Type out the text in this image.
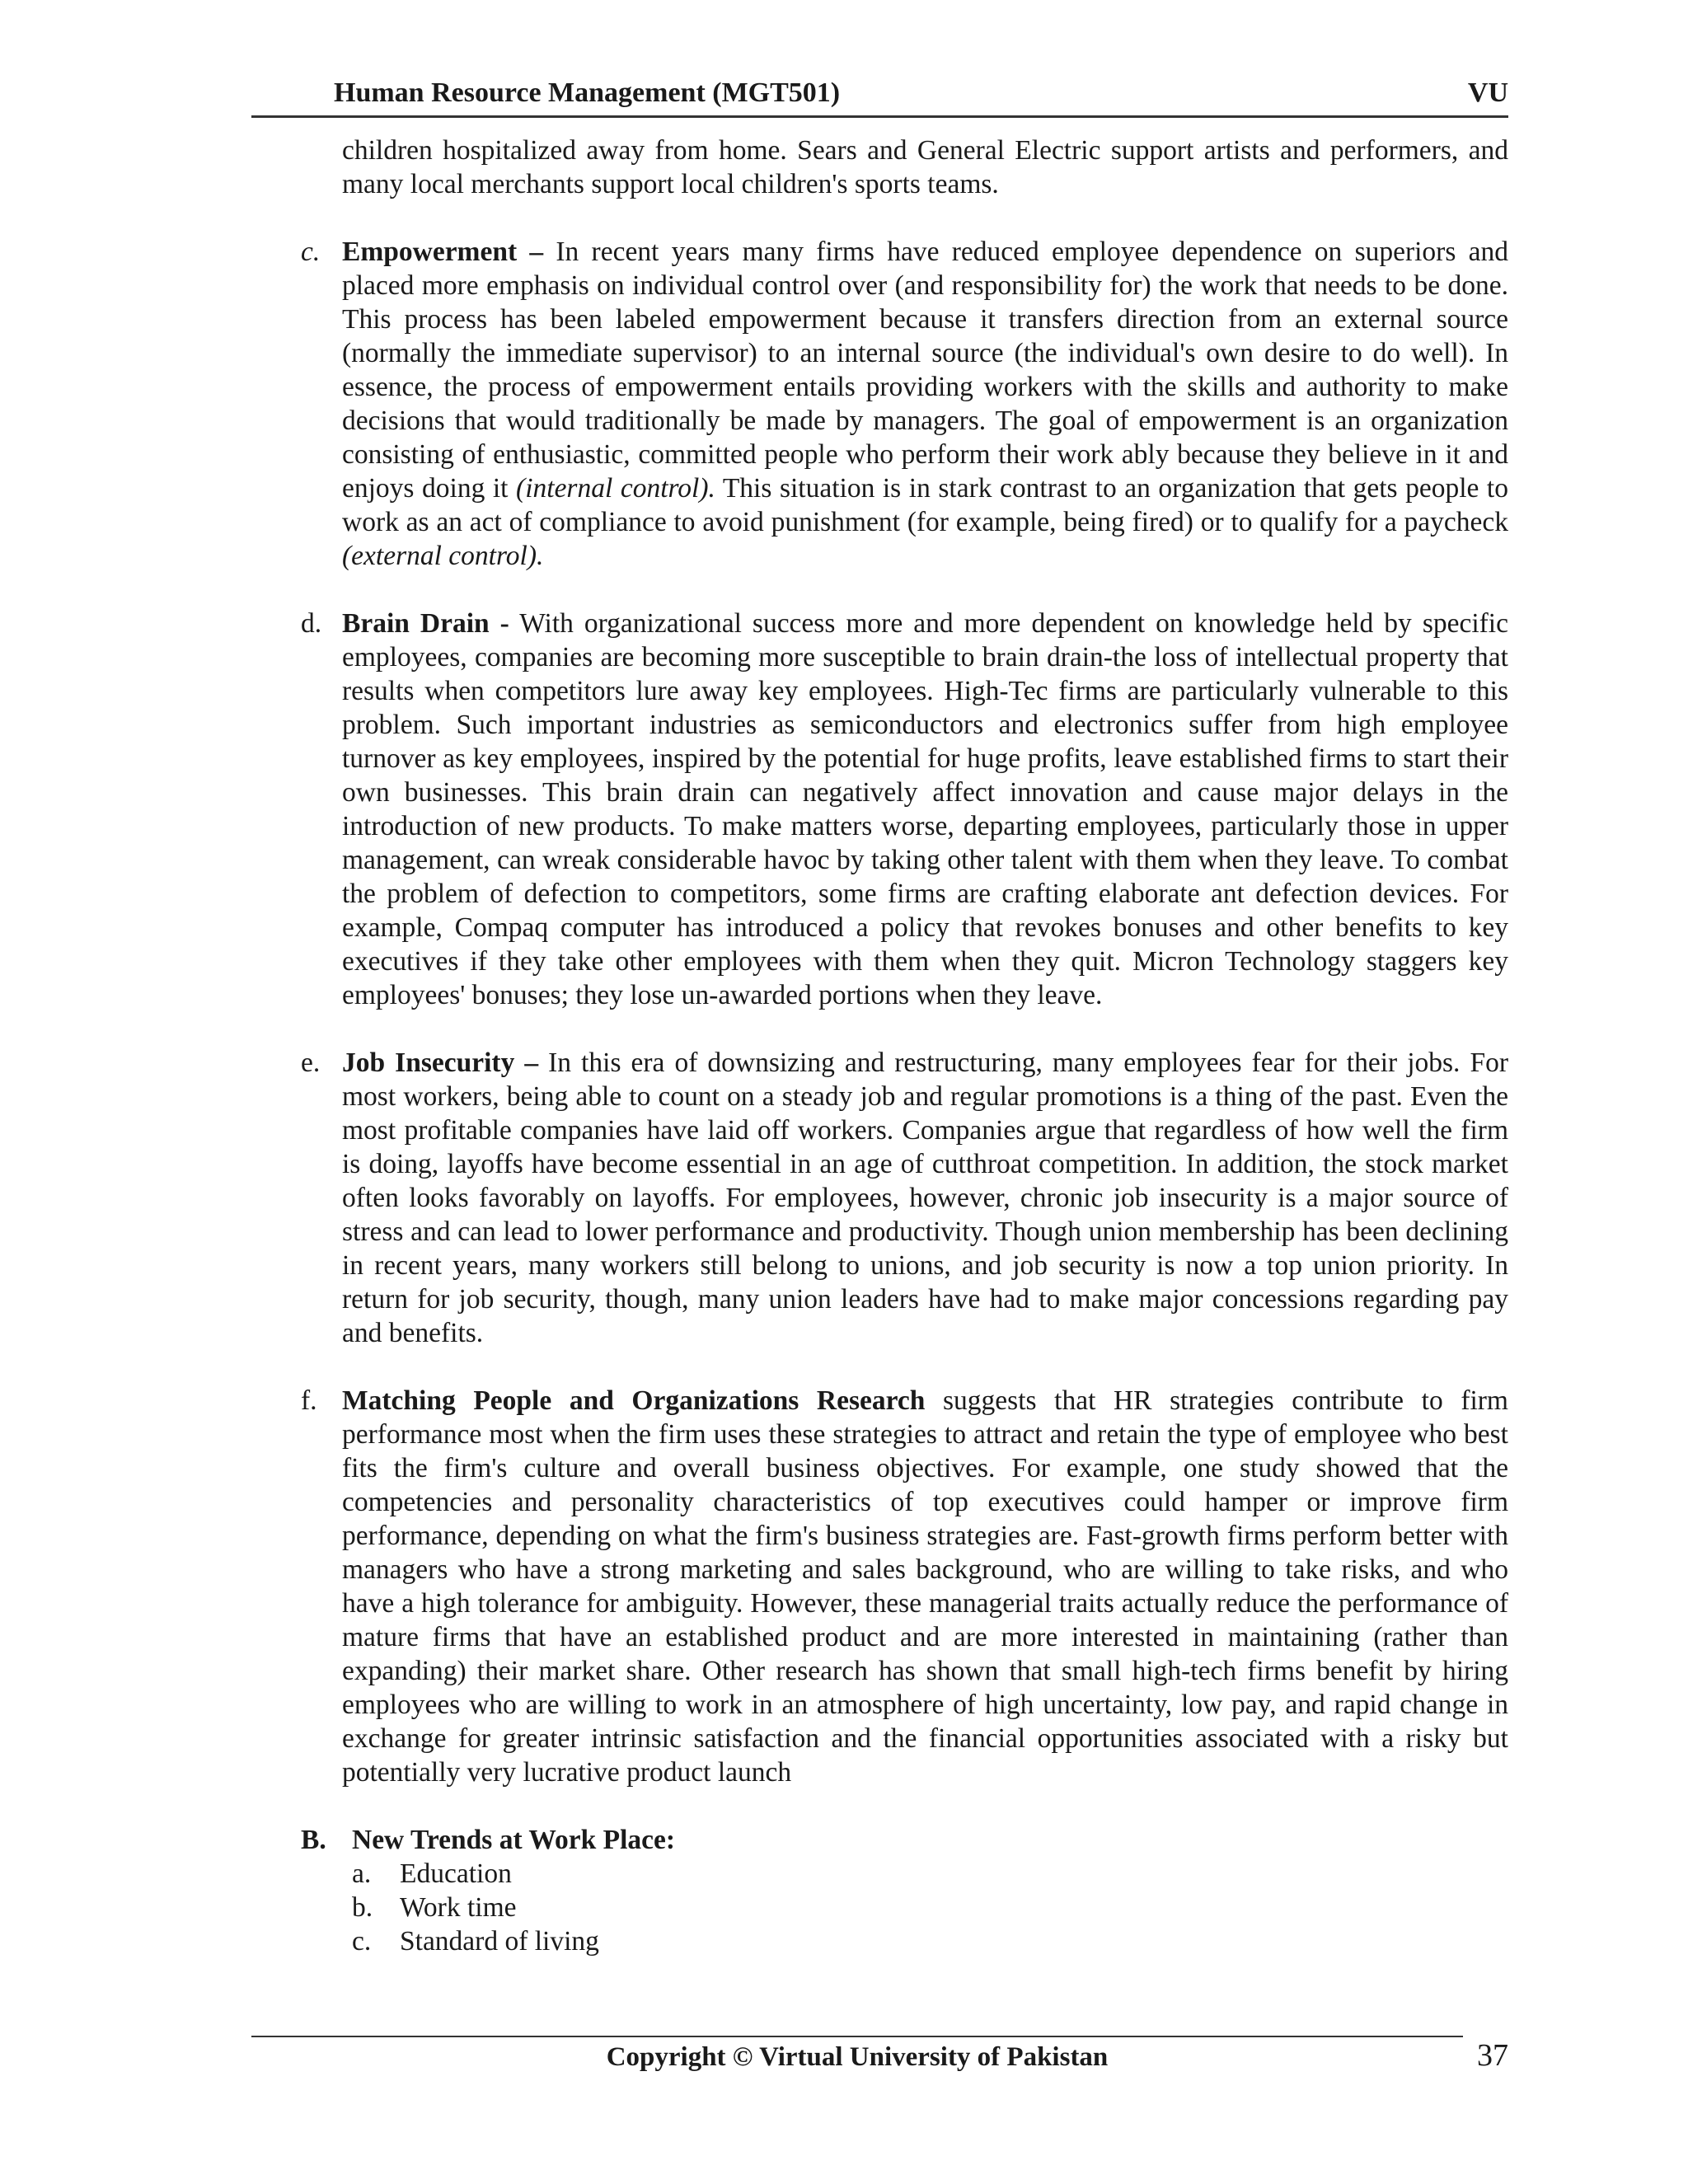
Human Resource Management (MGT501)	VU

children hospitalized away from home. Sears and General Electric support artists and performers, and many local merchants support local children's sports teams.

c. Empowerment – In recent years many firms have reduced employee dependence on superiors and placed more emphasis on individual control over (and responsibility for) the work that needs to be done. This process has been labeled empowerment because it transfers direction from an external source (normally the immediate supervisor) to an internal source (the individual's own desire to do well). In essence, the process of empowerment entails providing workers with the skills and authority to make decisions that would traditionally be made by managers. The goal of empowerment is an organization consisting of enthusiastic, committed people who perform their work ably because they believe in it and enjoys doing it (internal control). This situation is in stark contrast to an organization that gets people to work as an act of compliance to avoid punishment (for example, being fired) or to qualify for a paycheck (external control).

d. Brain Drain - With organizational success more and more dependent on knowledge held by specific employees, companies are becoming more susceptible to brain drain-the loss of intellectual property that results when competitors lure away key employees. High-Tec firms are particularly vulnerable to this problem. Such important industries as semiconductors and electronics suffer from high employee turnover as key employees, inspired by the potential for huge profits, leave established firms to start their own businesses. This brain drain can negatively affect innovation and cause major delays in the introduction of new products. To make matters worse, departing employees, particularly those in upper management, can wreak considerable havoc by taking other talent with them when they leave. To combat the problem of defection to competitors, some firms are crafting elaborate ant defection devices. For example, Compaq computer has introduced a policy that revokes bonuses and other benefits to key executives if they take other employees with them when they quit. Micron Technology staggers key employees' bonuses; they lose un-awarded portions when they leave.

e. Job Insecurity – In this era of downsizing and restructuring, many employees fear for their jobs. For most workers, being able to count on a steady job and regular promotions is a thing of the past. Even the most profitable companies have laid off workers. Companies argue that regardless of how well the firm is doing, layoffs have become essential in an age of cutthroat competition. In addition, the stock market often looks favorably on layoffs. For employees, however, chronic job insecurity is a major source of stress and can lead to lower performance and productivity. Though union membership has been declining in recent years, many workers still belong to unions, and job security is now a top union priority. In return for job security, though, many union leaders have had to make major concessions regarding pay and benefits.

f. Matching People and Organizations Research suggests that HR strategies contribute to firm performance most when the firm uses these strategies to attract and retain the type of employee who best fits the firm's culture and overall business objectives. For example, one study showed that the competencies and personality characteristics of top executives could hamper or improve firm performance, depending on what the firm's business strategies are. Fast-growth firms perform better with managers who have a strong marketing and sales background, who are willing to take risks, and who have a high tolerance for ambiguity. However, these managerial traits actually reduce the performance of mature firms that have an established product and are more interested in maintaining (rather than expanding) their market share. Other research has shown that small high-tech firms benefit by hiring employees who are willing to work in an atmosphere of high uncertainty, low pay, and rapid change in exchange for greater intrinsic satisfaction and the financial opportunities associated with a risky but potentially very lucrative product launch

B. New Trends at Work Place:
a. Education
b. Work time
c. Standard of living
Copyright © Virtual University of Pakistan	37
